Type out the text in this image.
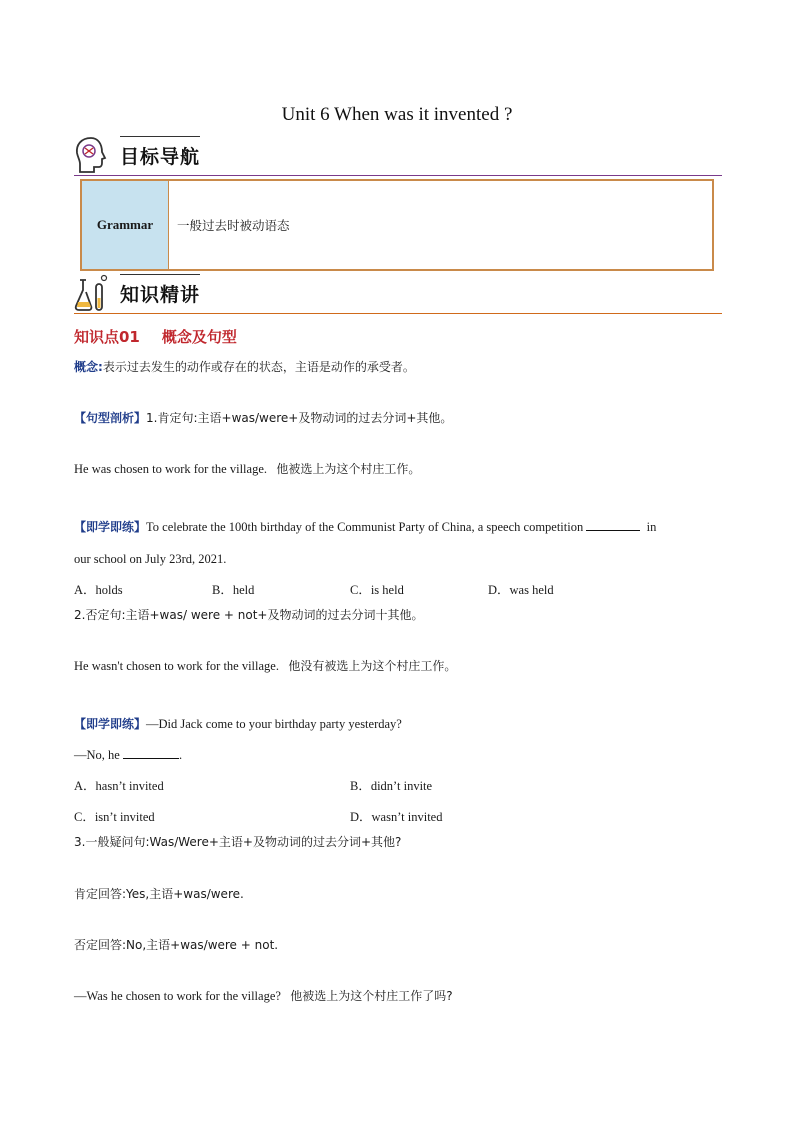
Unit 6 When was it invented ?
目标导航
Grammar	一般过去时被动语态
知识精讲
知识点01 概念及句型
概念:表示过去发生的动作或存在的状态，主语是动作的承受者。
【句型剖析】1.肯定句:主语+was/were+及物动词的过去分词+其他。
He was chosen to work for the village. 他被选上为这个村庄工作。
【即学即练】To celebrate the 100th birthday of the Communist Party of China, a speech competition	in
our school on July 23rd, 2021.
A．holds	B．held	C．is held	D．was held
2.否定句:主语+was/ were + not+及物动词的过去分词十其他。
He wasn't chosen to work for the village. 他没有被选上为这个村庄工作。
【即学即练】—Did Jack come to your birthday party yesterday?
—No, he	.
A．hasn’t invited	B．didn’t invite
C．isn’t invited	D．wasn’t invited
3.一般疑问句:Was/Were+主语+及物动词的过去分词+其他?
肯定回答:Yes,主语+was/were.
否定回答:No,主语+was/were + not.
—Was he chosen to work for the village? 他被选上为这个村庄工作了吗?
